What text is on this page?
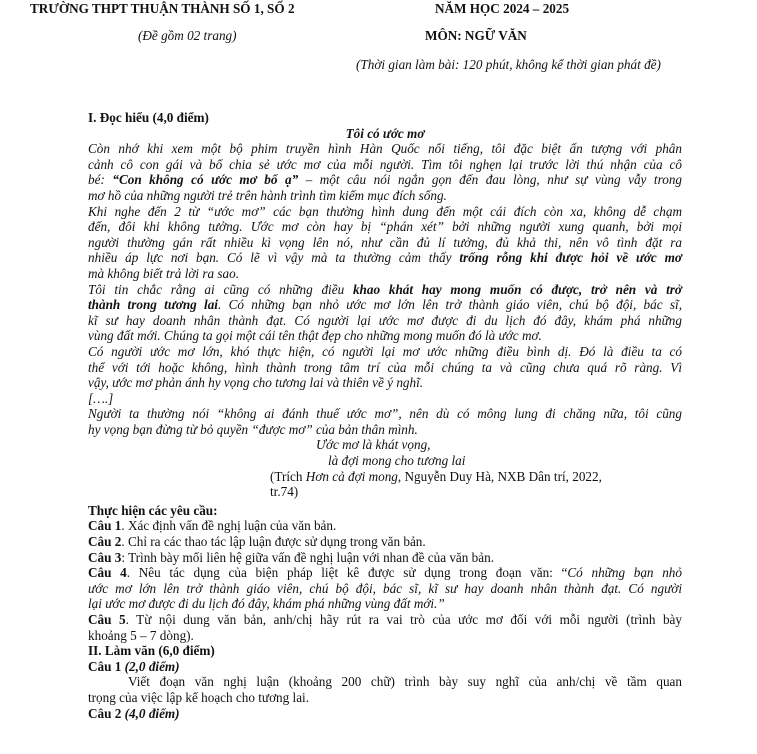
TRƯỜNG THPT THUẬN THÀNH SỐ 1, SỐ 2
(Đề gồm 02 trang)
NĂM HỌC 2024 – 2025
MÔN: NGỮ VĂN
(Thời gian làm bài: 120 phút, không kể thời gian phát đề)
I. Đọc hiểu (4,0 điểm)
Tôi có ước mơ
Còn nhớ khi xem một bộ phim truyền hình Hàn Quốc nổi tiếng, tôi đặc biệt ấn tượng với phân
cảnh cô con gái và bố chia sẻ ước mơ của mỗi người. Tìm tôi nghẹn lại trước lời thú nhận của cô
bé: “Con không có ước mơ bố ạ” – một câu nói ngắn gọn đến đau lòng, như sự vùng vẫy trong
mơ hồ của những người trẻ trên hành trình tìm kiếm mục đích sống.
Khi nghe đến 2 từ “ước mơ” các bạn thường hình dung đến một cái đích còn xa, không dễ chạm
đến, đôi khi không tưởng. Ước mơ còn hay bị “phán xét” bởi những người xung quanh, bởi mọi
người thường gán rất nhiều kì vọng lên nó, như cần đủ lí tưởng, đủ khả thi, nên vô tình đặt ra
nhiều áp lực nơi bạn. Có lẽ vì vậy mà ta thường cảm thấy trống rỗng khi được hỏi về ước mơ
mà không biết trả lời ra sao.
Tôi tin chắc rằng ai cũng có những điều khao khát hay mong muốn có được, trở nên và trở
thành trong tương lai. Có những bạn nhỏ ước mơ lớn lên trở thành giáo viên, chú bộ đội, bác sĩ,
kĩ sư hay doanh nhân thành đạt. Có người lại ước mơ được đi du lịch đó đây, khám phá những
vùng đất mới. Chúng ta gọi một cái tên thật đẹp cho những mong muốn đó là ước mơ.
Có người ước mơ lớn, khó thực hiện, có người lại mơ ước những điều bình dị. Đó là điều ta có
thể với tới hoặc không, hình thành trong tâm trí của mỗi chúng ta và cũng chưa quá rõ ràng. Vì
vậy, ước mơ phản ánh hy vọng cho tương lai và thiên về ý nghĩ.
[….]
Người ta thường nói “không ai đánh thuế ước mơ”, nên dù có mông lung đi chăng nữa, tôi cũng
hy vọng bạn đừng từ bỏ quyền “được mơ” của bản thân mình.
Ước mơ là khát vọng,
là đợi mong cho tương lai
(Trích Hơn cả đợi mong, Nguyễn Duy Hà, NXB Dân trí, 2022,
tr.74)
Thực hiện các yêu cầu:
Câu 1. Xác định vấn đề nghị luận của văn bản.
Câu 2. Chỉ ra các thao tác lập luận được sử dụng trong văn bản.
Câu 3: Trình bày mối liên hệ giữa vấn đề nghị luận với nhan đề của văn bản.
Câu 4. Nêu tác dụng của biện pháp liệt kê được sử dụng trong đoạn văn: “Có những bạn nhỏ
ước mơ lớn lên trở thành giáo viên, chú bộ đội, bác sĩ, kĩ sư hay doanh nhân thành đạt. Có người
lại ước mơ được đi du lịch đó đây, khám phá những vùng đất mới.”
Câu 5. Từ nội dung văn bản, anh/chị hãy rút ra vai trò của ước mơ đối với mỗi người (trình bày
khoảng 5 – 7 dòng).
II. Làm văn (6,0 điểm)
Câu 1 (2,0 điểm)
Viết đoạn văn nghị luận (khoảng 200 chữ) trình bày suy nghĩ của anh/chị về tầm quan
trọng của việc lập kế hoạch cho tương lai.
Câu 2 (4,0 điểm)
